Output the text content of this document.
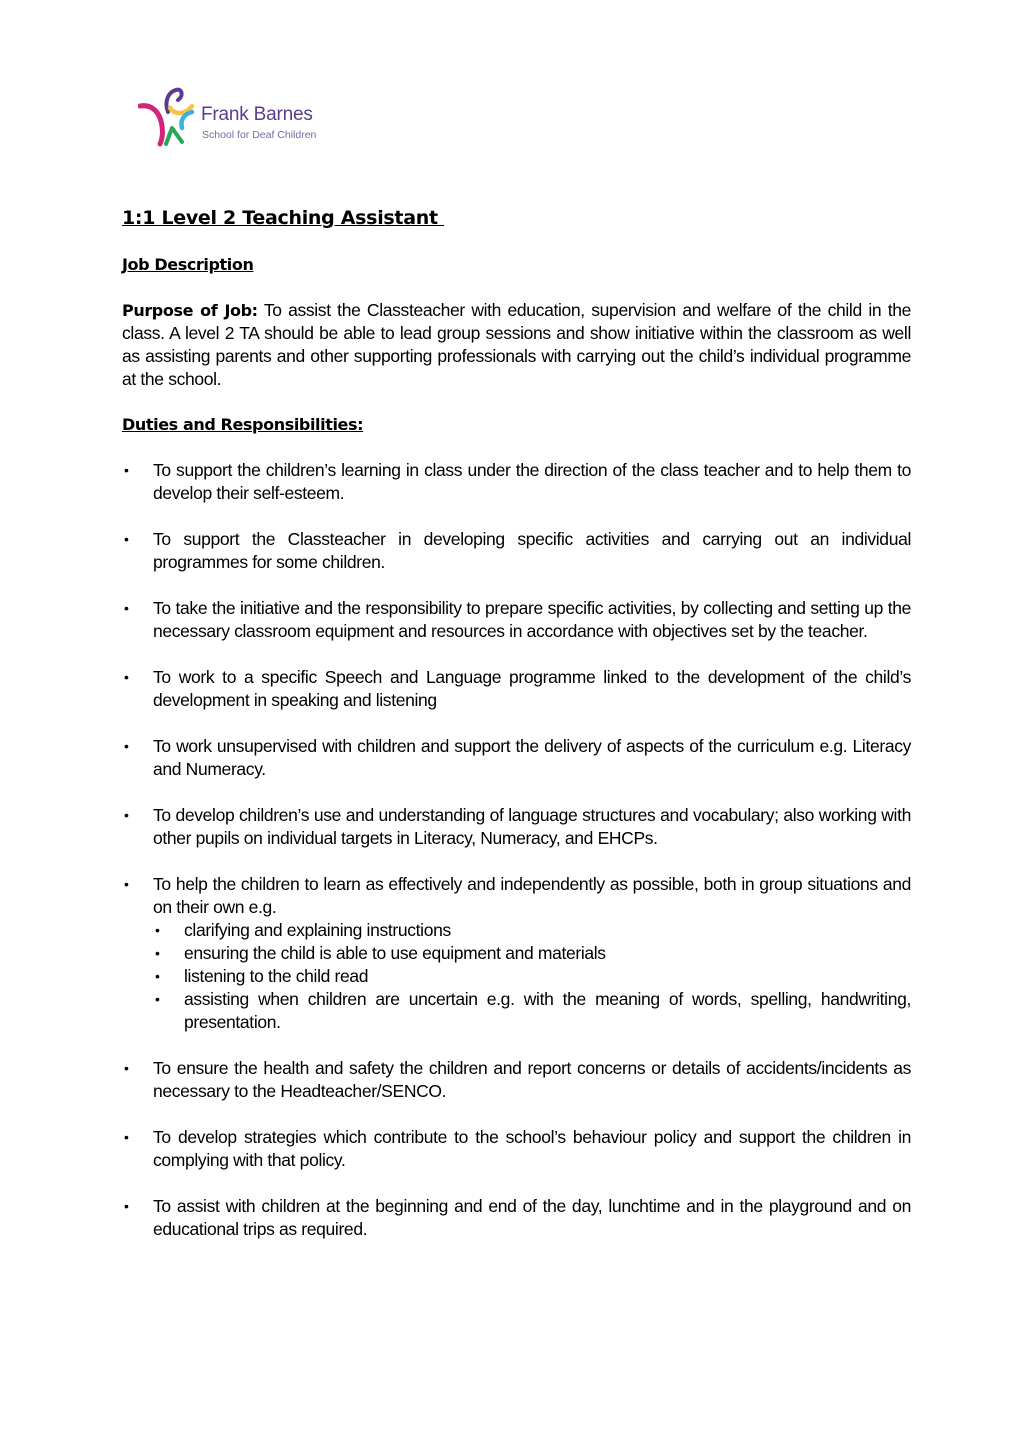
Frank Barnes
School for Deaf Children
1:1 Level 2 Teaching Assistant
Job Description
Purpose of Job: To assist the Classteacher with education, supervision and welfare of the child in the class. A level 2 TA should be able to lead group sessions and show initiative within the classroom as well as assisting parents and other supporting professionals with carrying out the child’s individual programme at the school.
Duties and Responsibilities:
• To support the children’s learning in class under the direction of the class teacher and to help them to develop their self-esteem.
• To support the Classteacher in developing specific activities and carrying out an individual programmes for some children.
• To take the initiative and the responsibility to prepare specific activities, by collecting and setting up the necessary classroom equipment and resources in accordance with objectives set by the teacher.
• To work to a specific Speech and Language programme linked to the development of the child’s development in speaking and listening
• To work unsupervised with children and support the delivery of aspects of the curriculum e.g. Literacy and Numeracy.
• To develop children’s use and understanding of language structures and vocabulary; also working with other pupils on individual targets in Literacy, Numeracy, and EHCPs.
• To help the children to learn as effectively and independently as possible, both in group situations and on their own e.g.
• clarifying and explaining instructions
• ensuring the child is able to use equipment and materials
• listening to the child read
• assisting when children are uncertain e.g. with the meaning of words, spelling, handwriting, presentation.
• To ensure the health and safety the children and report concerns or details of accidents/incidents as necessary to the Headteacher/SENCO.
• To develop strategies which contribute to the school’s behaviour policy and support the children in complying with that policy.
• To assist with children at the beginning and end of the day, lunchtime and in the playground and on educational trips as required.
